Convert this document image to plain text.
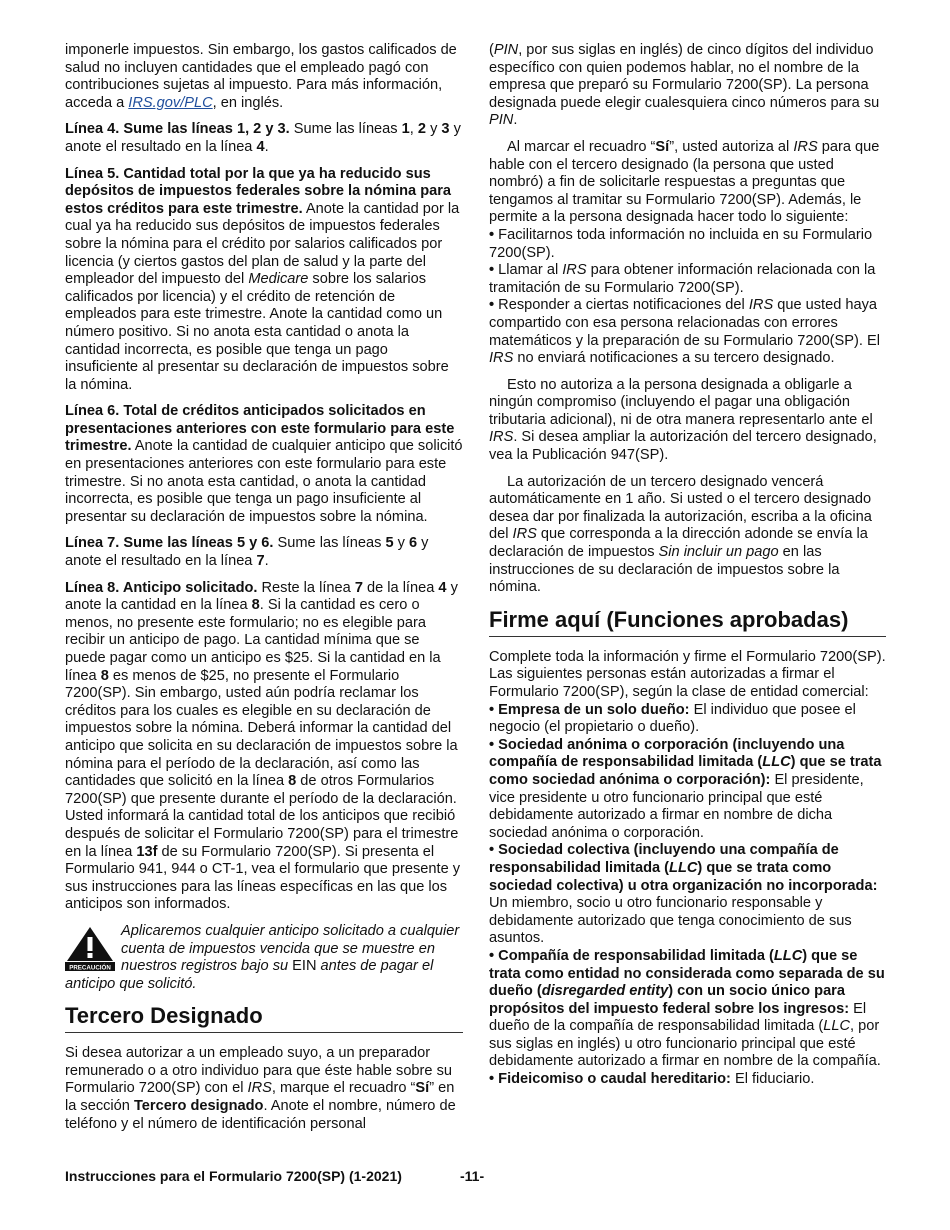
imponerle impuestos. Sin embargo, los gastos calificados de salud no incluyen cantidades que el empleado pagó con contribuciones sujetas al impuesto. Para más información, acceda a IRS.gov/PLC, en inglés.

Línea 4. Sume las líneas 1, 2 y 3. Sume las líneas 1, 2 y 3 y anote el resultado en la línea 4.

Línea 5. Cantidad total por la que ya ha reducido sus depósitos de impuestos federales sobre la nómina para estos créditos para este trimestre. Anote la cantidad por la cual ya ha reducido sus depósitos de impuestos federales sobre la nómina para el crédito por salarios calificados por licencia (y ciertos gastos del plan de salud y la parte del empleador del impuesto del Medicare sobre los salarios calificados por licencia) y el crédito de retención de empleados para este trimestre. Anote la cantidad como un número positivo. Si no anota esta cantidad o anota la cantidad incorrecta, es posible que tenga un pago insuficiente al presentar su declaración de impuestos sobre la nómina.

Línea 6. Total de créditos anticipados solicitados en presentaciones anteriores con este formulario para este trimestre. Anote la cantidad de cualquier anticipo que solicitó en presentaciones anteriores con este formulario para este trimestre. Si no anota esta cantidad, o anota la cantidad incorrecta, es posible que tenga un pago insuficiente al presentar su declaración de impuestos sobre la nómina.

Línea 7. Sume las líneas 5 y 6. Sume las líneas 5 y 6 y anote el resultado en la línea 7.

Línea 8. Anticipo solicitado. Reste la línea 7 de la línea 4 y anote la cantidad en la línea 8. Si la cantidad es cero o menos, no presente este formulario; no es elegible para recibir un anticipo de pago. La cantidad mínima que se puede pagar como un anticipo es $25. Si la cantidad en la línea 8 es menos de $25, no presente el Formulario 7200(SP). Sin embargo, usted aún podría reclamar los créditos para los cuales es elegible en su declaración de impuestos sobre la nómina. Deberá informar la cantidad del anticipo que solicita en su declaración de impuestos sobre la nómina para el período de la declaración, así como las cantidades que solicitó en la línea 8 de otros Formularios 7200(SP) que presente durante el período de la declaración. Usted informará la cantidad total de los anticipos que recibió después de solicitar el Formulario 7200(SP) para el trimestre en la línea 13f de su Formulario 7200(SP). Si presenta el Formulario 941, 944 o CT-1, vea el formulario que presente y sus instrucciones para las líneas específicas en las que los anticipos son informados.

PRECAUCIÓN
Aplicaremos cualquier anticipo solicitado a cualquier cuenta de impuestos vencida que se muestre en nuestros registros bajo su EIN antes de pagar el anticipo que solicitó.
Tercero Designado

Si desea autorizar a un empleado suyo, a un preparador remunerado o a otro individuo para que éste hable sobre su Formulario 7200(SP) con el IRS, marque el recuadro “Sí” en la sección Tercero designado. Anote el nombre, número de teléfono y el número de identificación personal

(PIN, por sus siglas en inglés) de cinco dígitos del individuo específico con quien podemos hablar, no el nombre de la empresa que preparó su Formulario 7200(SP). La persona designada puede elegir cualesquiera cinco números para su PIN.

Al marcar el recuadro “Sí”, usted autoriza al IRS para que hable con el tercero designado (la persona que usted nombró) a fin de solicitarle respuestas a preguntas que tengamos al tramitar su Formulario 7200(SP). Además, le permite a la persona designada hacer todo lo siguiente:

• Facilitarnos toda información no incluida en su Formulario 7200(SP).

• Llamar al IRS para obtener información relacionada con la tramitación de su Formulario 7200(SP).

• Responder a ciertas notificaciones del IRS que usted haya compartido con esa persona relacionadas con errores matemáticos y la preparación de su Formulario 7200(SP). El IRS no enviará notificaciones a su tercero designado.

Esto no autoriza a la persona designada a obligarle a ningún compromiso (incluyendo el pagar una obligación tributaria adicional), ni de otra manera representarlo ante el IRS. Si desea ampliar la autorización del tercero designado, vea la Publicación 947(SP).

La autorización de un tercero designado vencerá automáticamente en 1 año. Si usted o el tercero designado desea dar por finalizada la autorización, escriba a la oficina del IRS que corresponda a la dirección adonde se envía la declaración de impuestos Sin incluir un pago en las instrucciones de su declaración de impuestos sobre la nómina.

Firme aquí (Funciones aprobadas)

Complete toda la información y firme el Formulario 7200(SP). Las siguientes personas están autorizadas a firmar el Formulario 7200(SP), según la clase de entidad comercial:

• Empresa de un solo dueño: El individuo que posee el negocio (el propietario o dueño).

• Sociedad anónima o corporación (incluyendo una compañía de responsabilidad limitada (LLC) que se trata como sociedad anónima o corporación): El presidente, vice presidente u otro funcionario principal que esté debidamente autorizado a firmar en nombre de dicha sociedad anónima o corporación.

• Sociedad colectiva (incluyendo una compañía de responsabilidad limitada (LLC) que se trata como sociedad colectiva) u otra organización no incorporada: Un miembro, socio u otro funcionario responsable y debidamente autorizado que tenga conocimiento de sus asuntos.

• Compañía de responsabilidad limitada (LLC) que se trata como entidad no considerada como separada de su dueño (disregarded entity) con un socio único para propósitos del impuesto federal sobre los ingresos: El dueño de la compañía de responsabilidad limitada (LLC, por sus siglas en inglés) u otro funcionario principal que esté debidamente autorizado a firmar en nombre de la compañía.

• Fideicomiso o caudal hereditario: El fiduciario.

Instrucciones para el Formulario 7200(SP) (1-2021)	-11-
